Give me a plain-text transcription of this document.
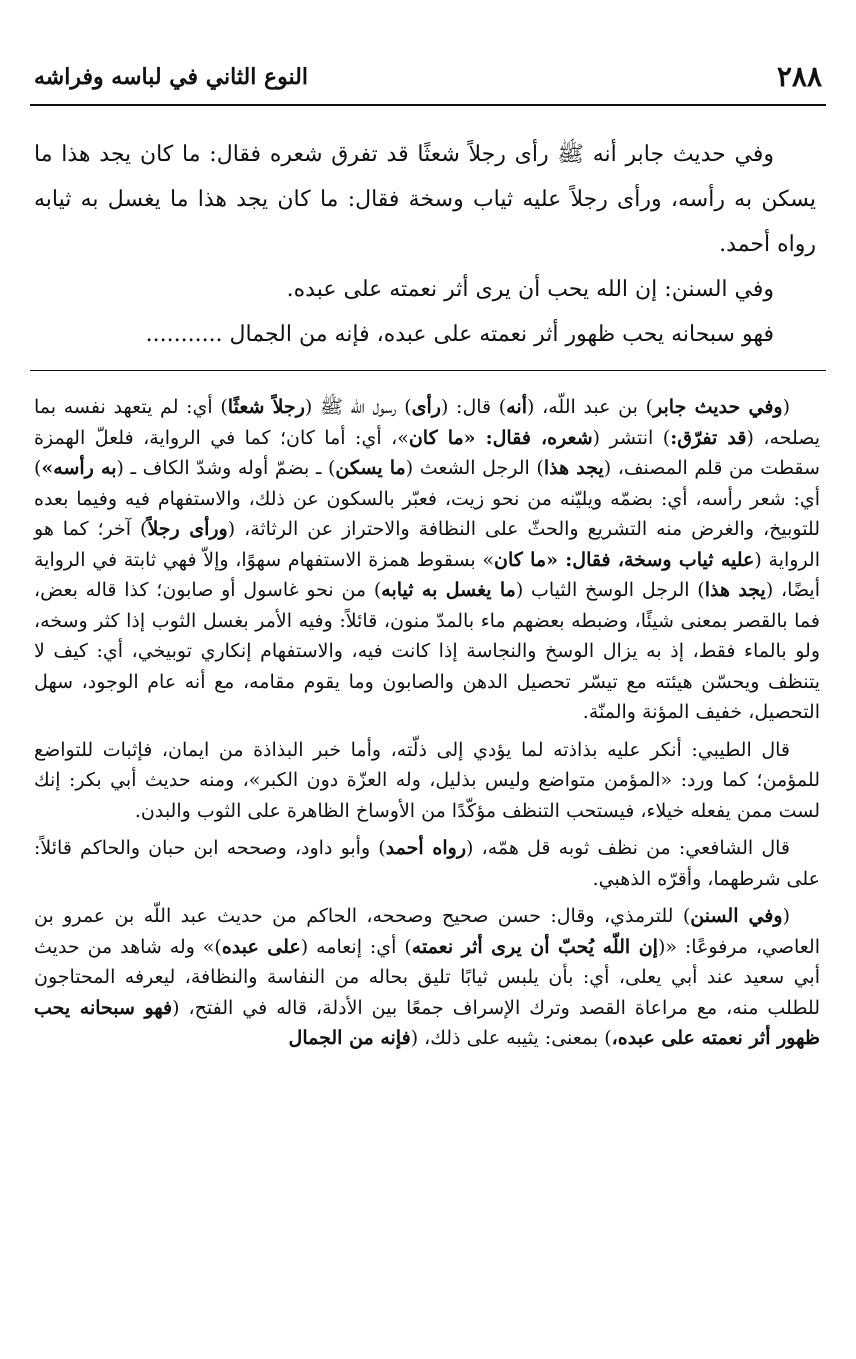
٢٨٨
النوع الثاني في لباسه وفراشه

وفي حديث جابر أنه ﷺ رأى رجلاً شعثًا قد تفرق شعره فقال: ما كان يجد هذا ما يسكن به رأسه، ورأى رجلاً عليه ثياب وسخة فقال: ما كان يجد هذا ما يغسل به ثيابه رواه أحمد.

وفي السنن: إن الله يحب أن يرى أثر نعمته على عبده.

فهو سبحانه يحب ظهور أثر نعمته على عبده، فإنه من الجمال ...........

(وفي حديث جابر) بن عبد اللّه، (أنه) قال: (رأى) رسول اللّه ﷺ (رجلاً شعثًا) أي: لم يتعهد نفسه بما يصلحه، (قد تفرّق:) انتشر (شعره، فقال: «ما كان»، أي: أما كان؛ كما في الرواية، فلعلّ الهمزة سقطت من قلم المصنف، (يجد هذا) الرجل الشعث (ما يسكن) ـ بضمّ أوله وشدّ الكاف ـ (به رأسه») أي: شعر رأسه، أي: بضمّه ويليّنه من نحو زيت، فعبّر بالسكون عن ذلك، والاستفهام فيه وفيما بعده للتوبيخ، والغرض منه التشريع والحثّ على النظافة والاحتراز عن الرثاثة، (ورأى رجلاً) آخر؛ كما هو الرواية (عليه ثياب وسخة، فقال: «ما كان» بسقوط همزة الاستفهام سهوًا، وإلاّ فهي ثابتة في الرواية أيضًا، (يجد هذا) الرجل الوسخ الثياب (ما يغسل به ثيابه) من نحو غاسول أو صابون؛ كذا قاله بعض، فما بالقصر بمعنى شيئًا، وضبطه بعضهم ماء بالمدّ منون، قائلاً: وفيه الأمر بغسل الثوب إذا كثر وسخه، ولو بالماء فقط، إذ به يزال الوسخ والنجاسة إذا كانت فيه، والاستفهام إنكاري توبيخي، أي: كيف لا يتنظف ويحسّن هيئته مع تيسّر تحصيل الدهن والصابون وما يقوم مقامه، مع أنه عام الوجود، سهل التحصيل، خفيف المؤنة والمنّة.

قال الطيبي: أنكر عليه بذاذته لما يؤدي إلى ذلّته، وأما خبر البذاذة من ايمان، فإثبات للتواضع للمؤمن؛ كما ورد: «المؤمن متواضع وليس بذليل، وله العزّة دون الكبر»، ومنه حديث أبي بكر: إنك لست ممن يفعله خيلاء، فيستحب التنظف مؤكّدًا من الأوساخ الظاهرة على الثوب والبدن.

قال الشافعي: من نظف ثوبه قل همّه، (رواه أحمد) وأبو داود، وصححه ابن حبان والحاكم قائلاً: على شرطهما، وأقرّه الذهبي.

(وفي السنن) للترمذي، وقال: حسن صحيح وصححه، الحاكم من حديث عبد اللّه بن عمرو بن العاصي، مرفوعًا: «(إن اللّه يُحبّ أن يرى أثر نعمته) أي: إنعامه (على عبده)» وله شاهد من حديث أبي سعيد عند أبي يعلى، أي: بأن يلبس ثيابًا تليق بحاله من النفاسة والنظافة، ليعرفه المحتاجون للطلب منه، مع مراعاة القصد وترك الإسراف جمعًا بين الأدلة، قاله في الفتح، (فهو سبحانه يحب ظهور أثر نعمته على عبده،) بمعنى: يثيبه على ذلك، (فإنه من الجمال
